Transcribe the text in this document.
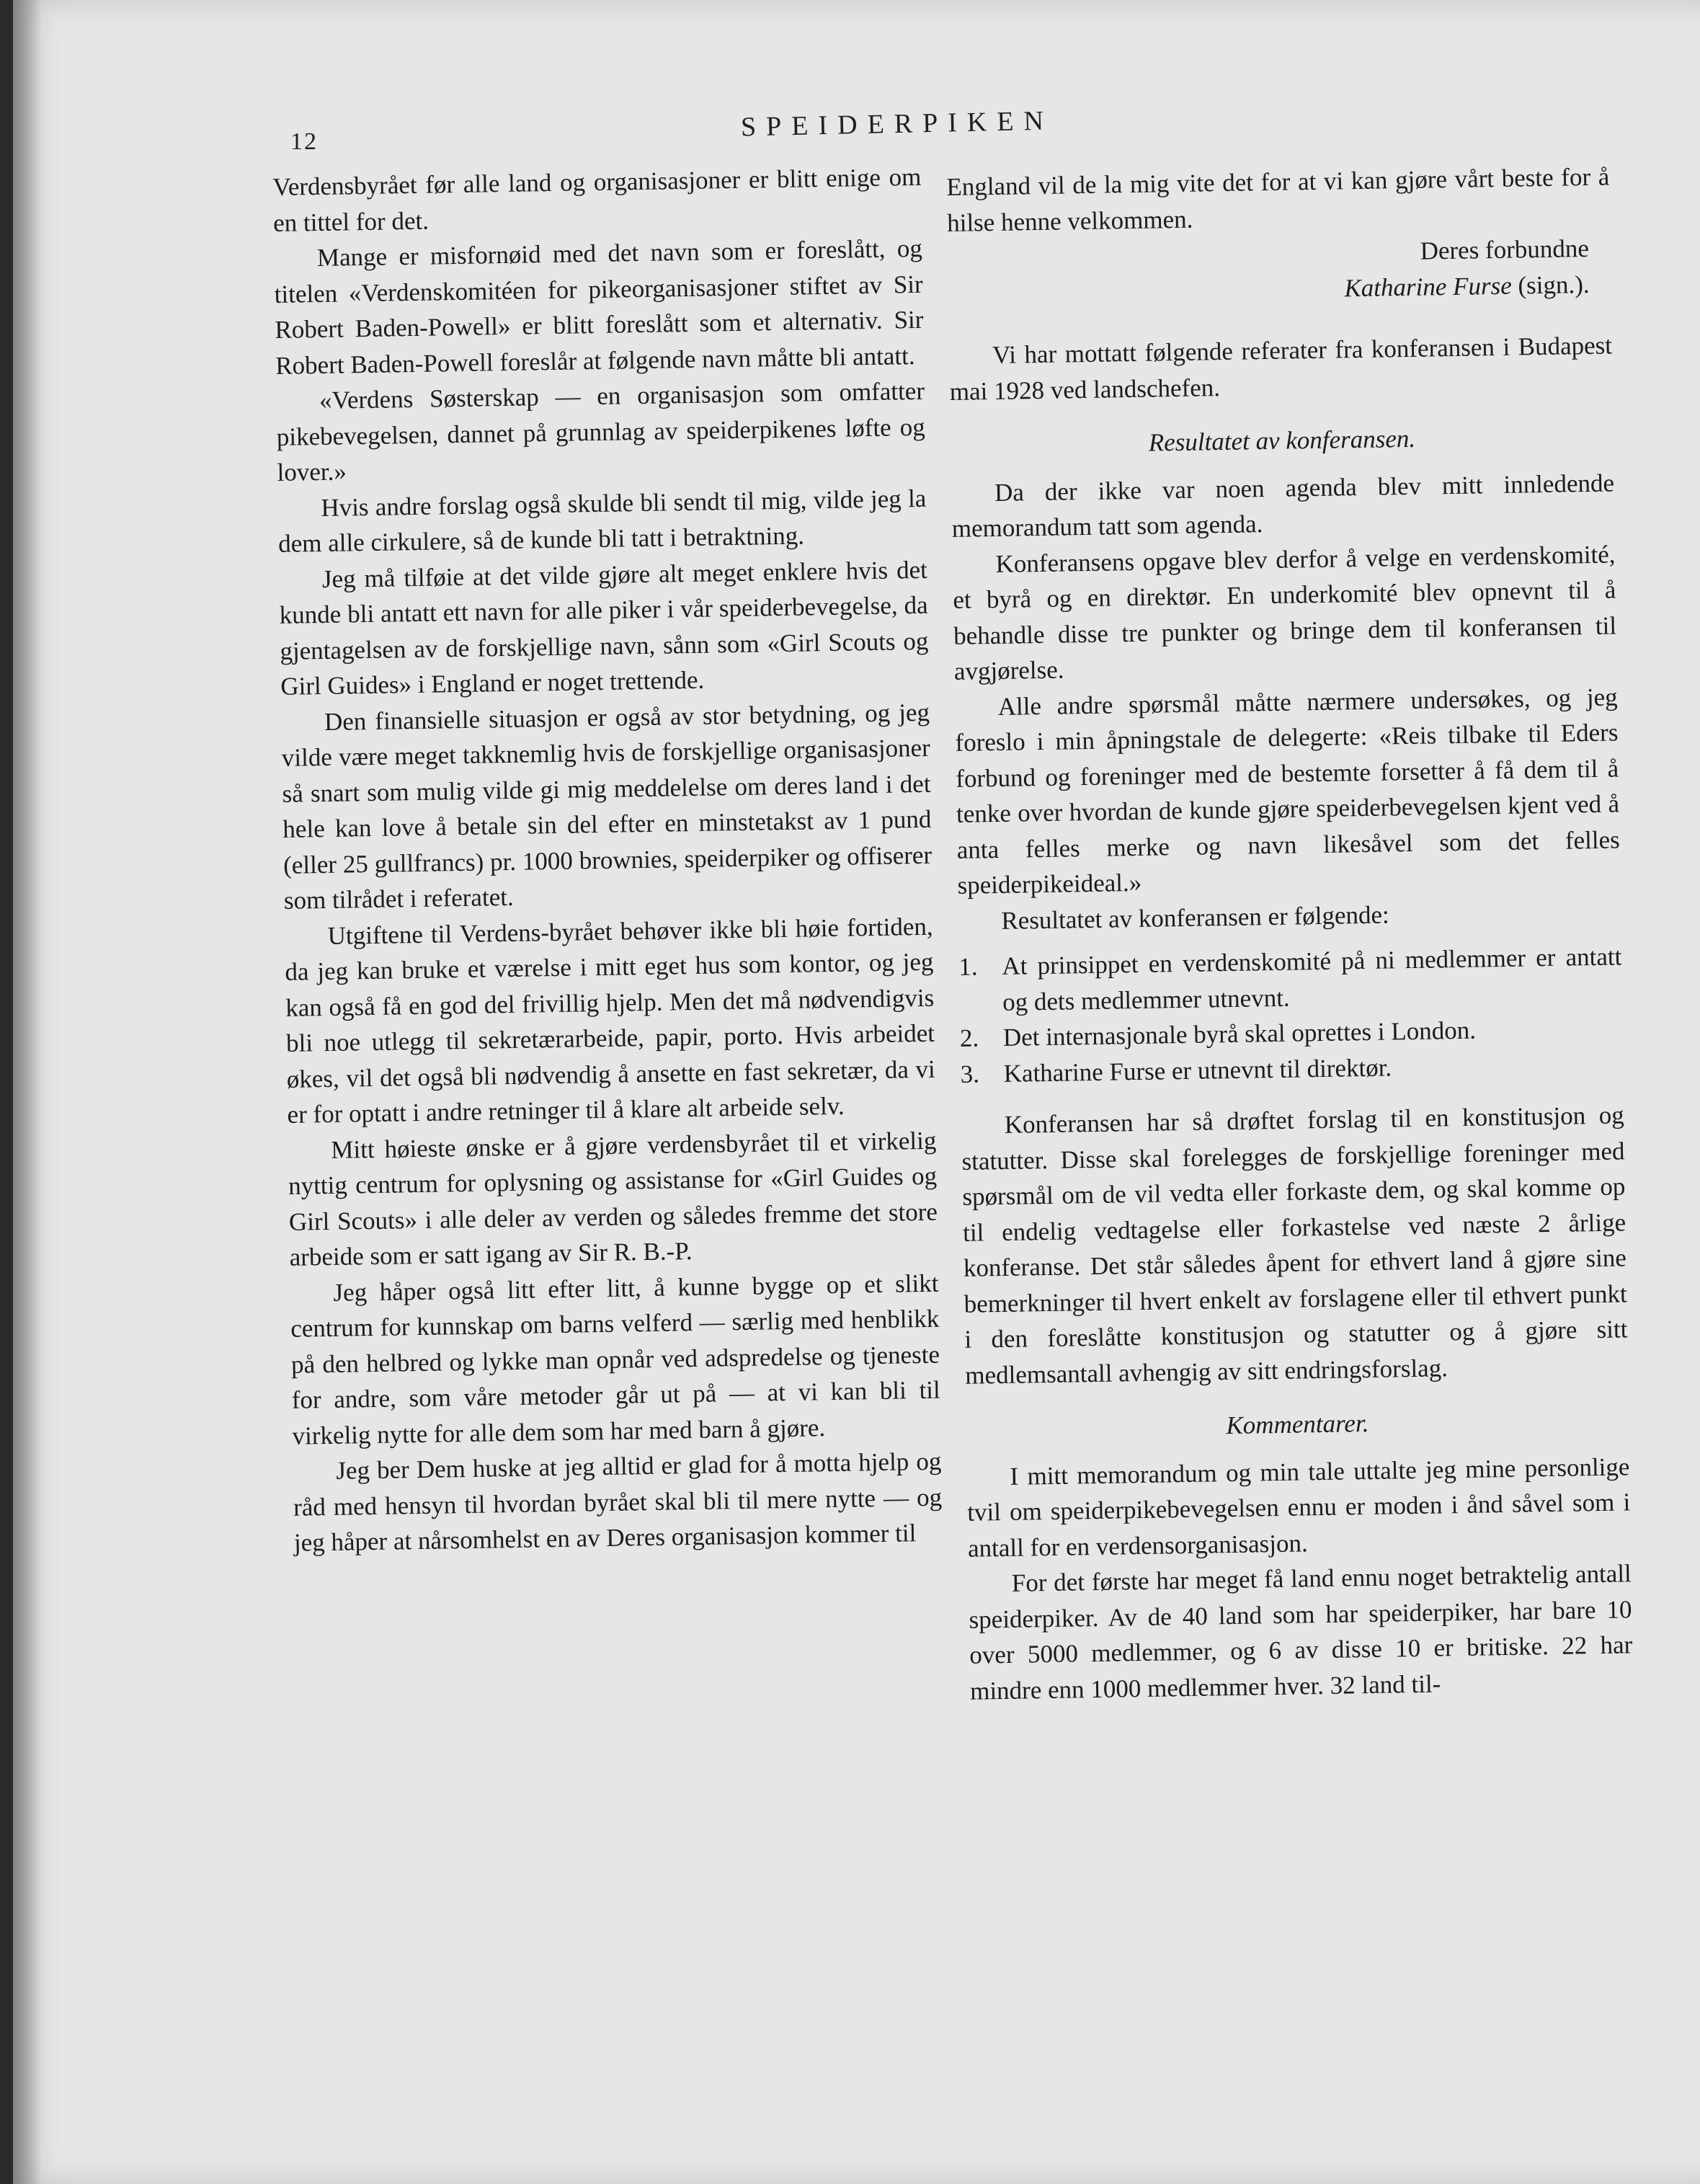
12	SPEIDERPIKEN

Verdensbyrået før alle land og organisasjoner er blitt enige om en tittel for det.

Mange er misfornøid med det navn som er foreslått, og titelen «Verdenskomitéen for pikeorganisasjoner stiftet av Sir Robert Baden-Powell» er blitt foreslått som et alternativ. Sir Robert Baden-Powell foreslår at følgende navn måtte bli antatt.

«Verdens Søsterskap — en organisasjon som omfatter pikebevegelsen, dannet på grunnlag av speiderpikenes løfte og lover.»

Hvis andre forslag også skulde bli sendt til mig, vilde jeg la dem alle cirkulere, så de kunde bli tatt i betraktning.

Jeg må tilføie at det vilde gjøre alt meget enklere hvis det kunde bli antatt ett navn for alle piker i vår speiderbevegelse, da gjentagelsen av de forskjellige navn, sånn som «Girl Scouts og Girl Guides» i England er noget trettende.

Den finansielle situasjon er også av stor betydning, og jeg vilde være meget takknemlig hvis de forskjellige organisasjoner så snart som mulig vilde gi mig meddelelse om deres land i det hele kan love å betale sin del efter en minstetakst av 1 pund (eller 25 gullfrancs) pr. 1000 brownies, speiderpiker og offiserer som tilrådet i referatet.

Utgiftene til Verdens-byrået behøver ikke bli høie fortiden, da jeg kan bruke et værelse i mitt eget hus som kontor, og jeg kan også få en god del frivillig hjelp. Men det må nødvendigvis bli noe utlegg til sekretærarbeide, papir, porto. Hvis arbeidet økes, vil det også bli nødvendig å ansette en fast sekretær, da vi er for optatt i andre retninger til å klare alt arbeide selv.

Mitt høieste ønske er å gjøre verdensbyrået til et virkelig nyttig centrum for oplysning og assistanse for «Girl Guides og Girl Scouts» i alle deler av verden og således fremme det store arbeide som er satt igang av Sir R. B.-P.

Jeg håper også litt efter litt, å kunne bygge op et slikt centrum for kunnskap om barns velferd — særlig med henblikk på den helbred og lykke man opnår ved adspredelse og tjeneste for andre, som våre metoder går ut på — at vi kan bli til virkelig nytte for alle dem som har med barn å gjøre.

Jeg ber Dem huske at jeg alltid er glad for å motta hjelp og råd med hensyn til hvordan byrået skal bli til mere nytte — og jeg håper at nårsomhelst en av Deres organisasjon kommer til

England vil de la mig vite det for at vi kan gjøre vårt beste for å hilse henne velkommen.

Deres forbundne

Katharine Furse (sign.).

Vi har mottatt følgende referater fra konferansen i Budapest mai 1928 ved landschefen.

Resultatet av konferansen.

Da der ikke var noen agenda blev mitt innledende memorandum tatt som agenda.

Konferansens opgave blev derfor å velge en verdenskomité, et byrå og en direktør. En underkomité blev opnevnt til å behandle disse tre punkter og bringe dem til konferansen til avgjørelse.

Alle andre spørsmål måtte nærmere undersøkes, og jeg foreslo i min åpningstale de delegerte: «Reis tilbake til Eders forbund og foreninger med de bestemte forsetter å få dem til å tenke over hvordan de kunde gjøre speiderbevegelsen kjent ved å anta felles merke og navn likesåvel som det felles speiderpikeideal.»

Resultatet av konferansen er følgende:

1. At prinsippet en verdenskomité på ni medlemmer er antatt og dets medlemmer utnevnt.
2. Det internasjonale byrå skal oprettes i London.
3. Katharine Furse er utnevnt til direktør.

Konferansen har så drøftet forslag til en konstitusjon og statutter. Disse skal forelegges de forskjellige foreninger med spørsmål om de vil vedta eller forkaste dem, og skal komme op til endelig vedtagelse eller forkastelse ved næste 2 årlige konferanse. Det står således åpent for ethvert land å gjøre sine bemerkninger til hvert enkelt av forslagene eller til ethvert punkt i den foreslåtte konstitusjon og statutter og å gjøre sitt medlemsantall avhengig av sitt endringsforslag.

Kommentarer.

I mitt memorandum og min tale uttalte jeg mine personlige tvil om speiderpikebevegelsen ennu er moden i ånd såvel som i antall for en verdensorganisasjon.

For det første har meget få land ennu noget betraktelig antall speiderpiker. Av de 40 land som har speiderpiker, har bare 10 over 5000 medlemmer, og 6 av disse 10 er britiske. 22 har mindre enn 1000 medlemmer hver. 32 land til-
